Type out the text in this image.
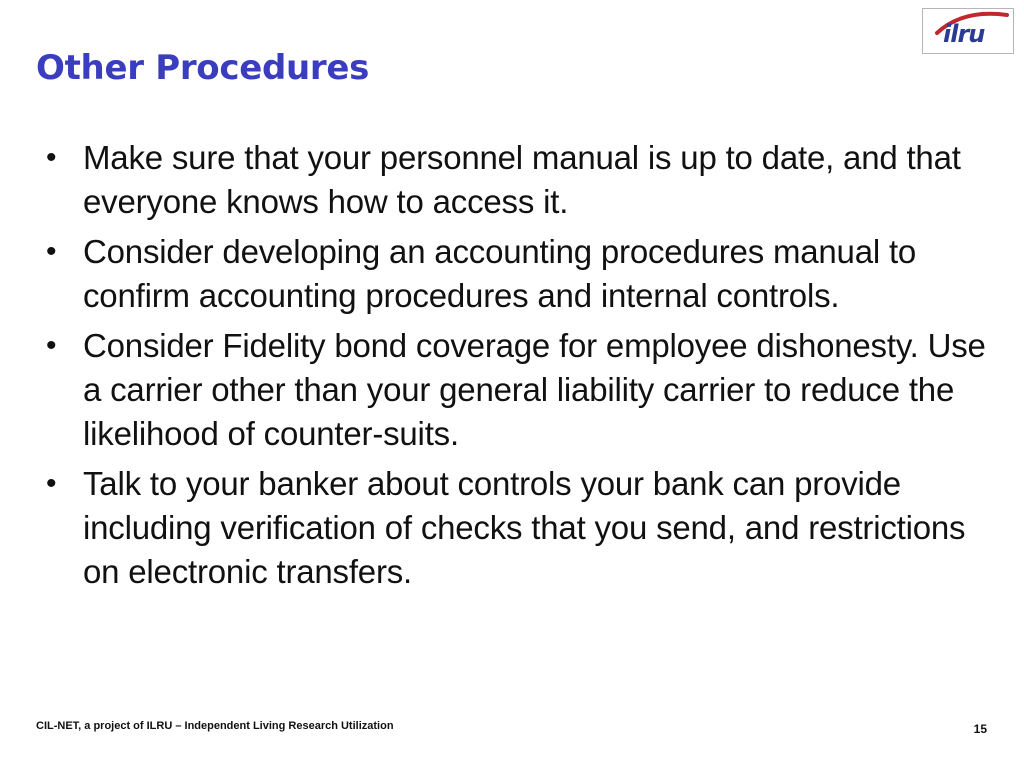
Other Procedures
ilru
• Make sure that your personnel manual is up to date, and that everyone knows how to access it.
• Consider developing an accounting procedures manual to confirm accounting procedures and internal controls.
• Consider Fidelity bond coverage for employee dishonesty. Use a carrier other than your general liability carrier to reduce the likelihood of counter-suits.
• Talk to your banker about controls your bank can provide including verification of checks that you send, and restrictions on electronic transfers.
CIL-NET, a project of ILRU – Independent Living Research Utilization	15
